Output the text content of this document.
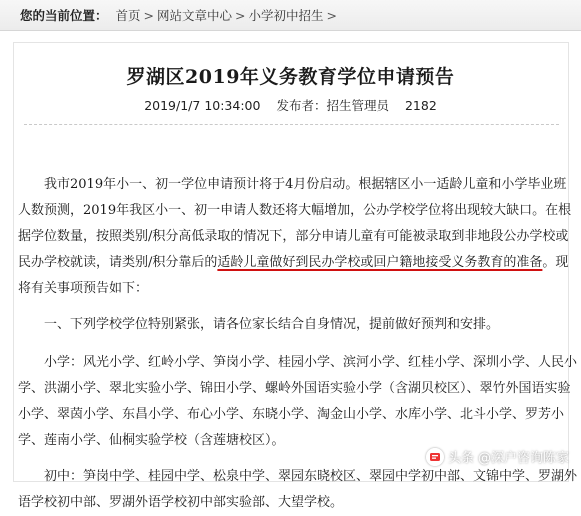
您的当前位置： 首页 > 网站文章中心 > 小学初中招生 >
罗湖区2019年义务教育学位申请预告
2019/1/7 10:34:00 发布者：招生管理员 2182

我市2019年小一、初一学位申请预计将于4月份启动。根据辖区小一适龄儿童和小学毕业班人数预测，2019年我区小一、初一申请人数还将大幅增加，公办学校学位将出现较大缺口。在根据学位数量，按照类别/积分高低录取的情况下，部分申请儿童有可能被录取到非地段公办学校或民办学校就读，请类别/积分靠后的适龄儿童做好到民办学校或回户籍地接受义务教育的准备。现将有关事项预告如下：

一、下列学校学位特别紧张，请各位家长结合自身情况，提前做好预判和安排。

小学：风光小学、红岭小学、笋岗小学、桂园小学、滨河小学、红桂小学、深圳小学、人民小学、洪湖小学、翠北实验小学、锦田小学、螺岭外国语实验小学（含湖贝校区）、翠竹外国语实验小学、翠茵小学、东昌小学、布心小学、东晓小学、淘金山小学、水库小学、北斗小学、罗芳小学、莲南小学、仙桐实验学校（含莲塘校区）。

初中：笋岗中学、桂园中学、松泉中学、翠园东晓校区、翠园中学初中部、文锦中学、罗湖外语学校初中部、罗湖外语学校初中部实验部、大望学校。

头条 @深户咨询陈家
